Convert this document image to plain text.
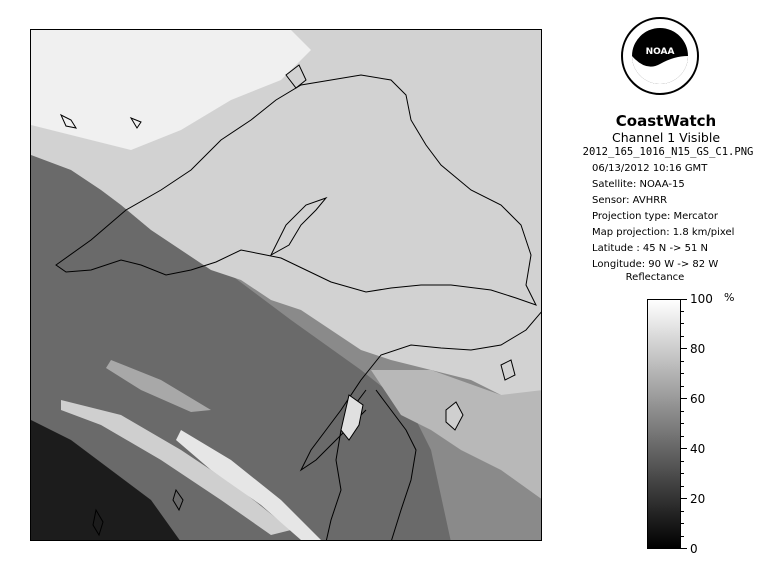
NOAA
CoastWatch
Channel 1 Visible
2012_165_1016_N15_GS_C1.PNG
06/13/2012 10:16 GMT
Satellite: NOAA-15
Sensor: AVHRR
Projection type: Mercator
Map projection: 1.8 km/pixel
Latitude : 45 N -> 51 N
Longitude: 90 W -> 82 W
Reflectance
%
100
80
60
40
20
0
